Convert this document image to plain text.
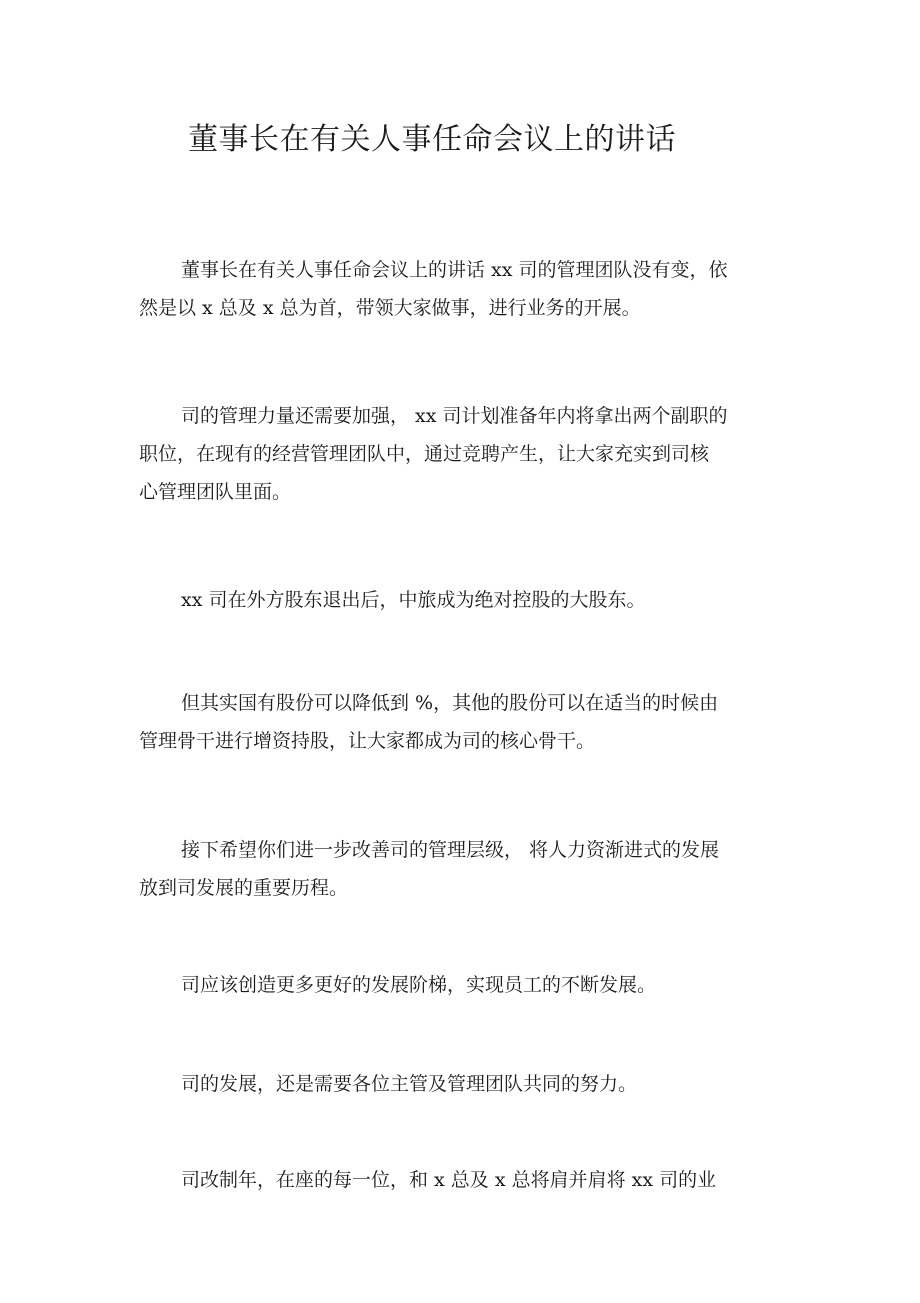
董事长在有关人事任命会议上的讲话
董事长在有关人事任命会议上的讲话 xx 司的管理团队没有变，依
然是以 x 总及 x 总为首，带领大家做事，进行业务的开展。
司的管理力量还需要加强， xx 司计划准备年内将拿出两个副职的
职位，在现有的经营管理团队中，通过竞聘产生，让大家充实到司核
心管理团队里面。
xx 司在外方股东退出后，中旅成为绝对控股的大股东。
但其实国有股份可以降低到 %，其他的股份可以在适当的时候由
管理骨干进行增资持股，让大家都成为司的核心骨干。
接下希望你们进一步改善司的管理层级， 将人力资渐进式的发展
放到司发展的重要历程。
司应该创造更多更好的发展阶梯，实现员工的不断发展。
司的发展，还是需要各位主管及管理团队共同的努力。
司改制年，在座的每一位，和 x 总及 x 总将肩并肩将 xx 司的业
